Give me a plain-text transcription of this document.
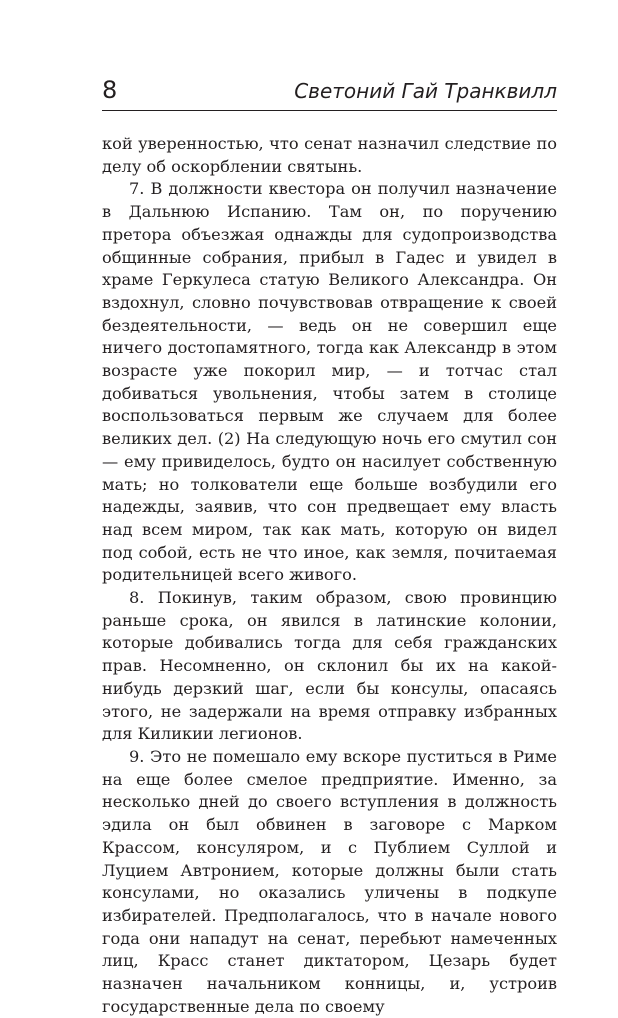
8	Светоний Гай Транквилл

кой уверенностью, что сенат назначил следствие по делу об оскорблении святынь.

7. В должности квестора он получил назначение в Дальнюю Испанию. Там он, по поручению претора объезжая однажды для судопроизводства общинные собрания, прибыл в Гадес и увидел в храме Геркулеса статую Великого Александра. Он вздохнул, словно почувствовав отвращение к своей бездеятельности, — ведь он не совершил еще ничего достопамятного, тогда как Александр в этом возрасте уже покорил мир, — и тотчас стал добиваться увольнения, чтобы затем в столице воспользоваться первым же случаем для более великих дел. (2) На следующую ночь его смутил сон — ему привиделось, будто он насилует собственную мать; но толкователи еще больше возбудили его надежды, заявив, что сон предвещает ему власть над всем миром, так как мать, которую он видел под собой, есть не что иное, как земля, почитаемая родительницей всего живого.

8. Покинув, таким образом, свою провинцию раньше срока, он явился в латинские колонии, которые добивались тогда для себя гражданских прав. Несомненно, он склонил бы их на какой-нибудь дерзкий шаг, если бы консулы, опасаясь этого, не задержали на время отправку избранных для Киликии легионов.

9. Это не помешало ему вскоре пуститься в Риме на еще более смелое предприятие. Именно, за несколько дней до своего вступления в должность эдила он был обвинен в заговоре с Марком Крассом, консуляром, и с Публием Суллой и Луцием Автронием, которые должны были стать консулами, но оказались уличены в подкупе избирателей. Предполагалось, что в начале нового года они нападут на сенат, перебьют намеченных лиц, Красс станет диктатором, Цезарь будет назначен начальником конницы, и, устроив государственные дела по своему
